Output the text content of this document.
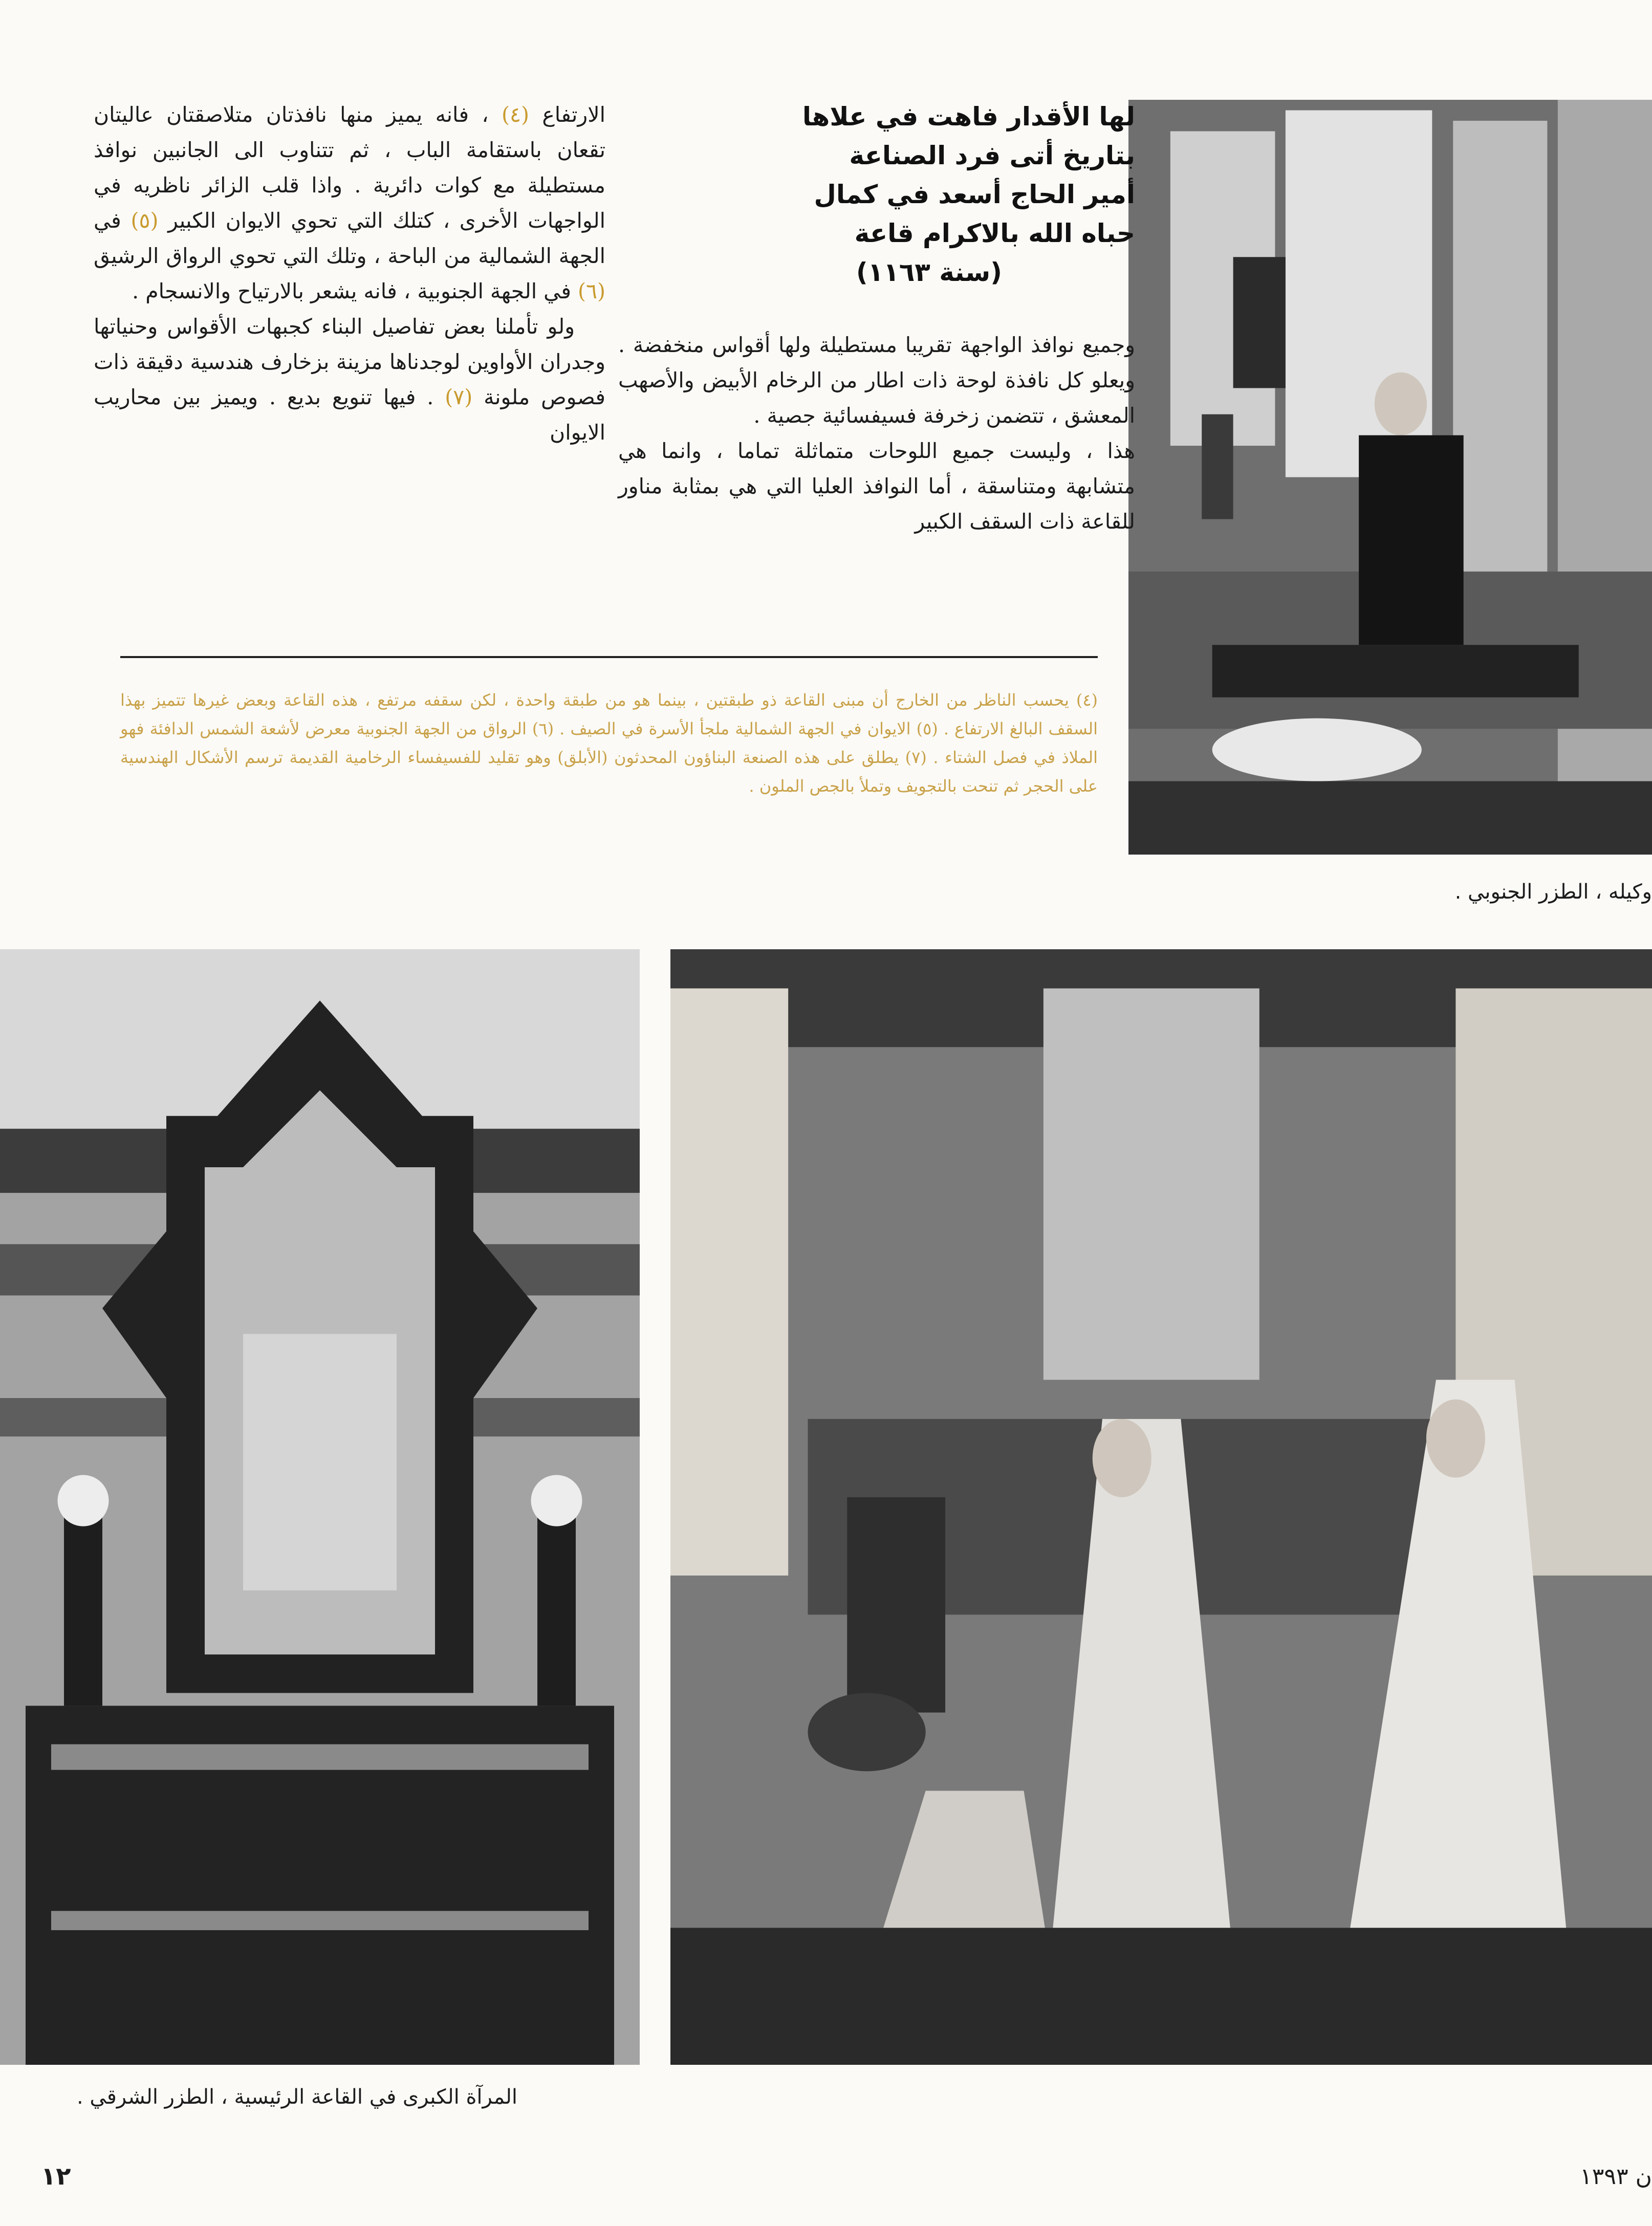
وكيله ، الطزر الجنوبي .

لها الأقدار فاهت في علاها

بتاريخ أتى فرد الصناعة

أمير الحاج أسعد في كمال

حباه الله بالاكرام قاعة

(سنة ١١٦٣)

وجميع نوافذ الواجهة تقريبا مستطيلة ولها أقواس منخفضة . ويعلو كل نافذة لوحة ذات اطار من الرخام الأبيض والأصهب المعشق ، تتضمن زخرفة فسيفسائية جصية .

هذا ، وليست جميع اللوحات متماثلة تماما ، وانما هي متشابهة ومتناسقة ، أما النوافذ العليا التي هي بمثابة مناور للقاعة ذات السقف الكبير

الارتفاع (٤) ، فانه يميز منها نافذتان متلاصقتان عاليتان تقعان باستقامة الباب ، ثم تتناوب الى الجانبين نوافذ مستطيلة مع كوات دائرية . واذا قلب الزائر ناظريه في الواجهات الأخرى ، كتلك التي تحوي الايوان الكبير (٥) في الجهة الشمالية من الباحة ، وتلك التي تحوي الرواق الرشيق (٦) في الجهة الجنوبية ، فانه يشعر بالارتياح والانسجام .

ولو تأملنا بعض تفاصيل البناء كجبهات الأقواس وحنياتها وجدران الأواوين لوجدناها مزينة بزخارف هندسية دقيقة ذات فصوص ملونة (٧) . فيها تنويع بديع . ويميز بين محاريب الايوان

(٤) يحسب الناظر من الخارج أن مبنى القاعة ذو طبقتين ، بينما هو من طبقة واحدة ، لكن سقفه مرتفع ، هذه القاعة وبعض غيرها تتميز بهذا السقف البالغ الارتفاع . (٥) الايوان في الجهة الشمالية ملجأ الأسرة في الصيف . (٦) الرواق من الجهة الجنوبية معرض لأشعة الشمس الدافئة فهو الملاذ في فصل الشتاء . (٧) يطلق على هذه الصنعة البناؤون المحدثون (الأبلق) وهو تقليد للفسيفساء الرخامية القديمة ترسم الأشكال الهندسية على الحجر ثم تنحت بالتجويف وتملأ بالجص الملون .

المرآة الكبرى في القاعة الرئيسية ، الطزر الشرقي .
١٢	ن ١٣٩٣
